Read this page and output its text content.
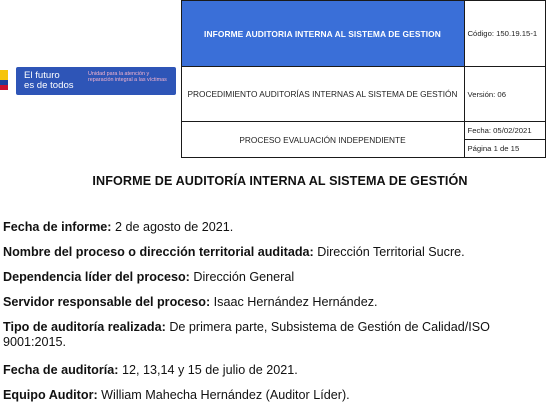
El futuro
es de todos
Unidad para la atención y reparación integral a las víctimas	INFORME AUDITORIA INTERNA AL SISTEMA DE GESTION	Código: 150.19.15-1
	PROCEDIMIENTO AUDITORÍAS INTERNAS AL SISTEMA DE GESTIÓN	Versión: 06
	PROCESO EVALUACIÓN INDEPENDIENTE	Fecha: 05/02/2021
Página 1 de 15
INFORME DE AUDITORÍA INTERNA AL SISTEMA DE GESTIÓN
Fecha de informe: 2 de agosto de 2021.
Nombre del proceso o dirección territorial auditada: Dirección Territorial Sucre.
Dependencia líder del proceso: Dirección General
Servidor responsable del proceso: Isaac Hernández Hernández.
Tipo de auditoría realizada: De primera parte, Subsistema de Gestión de Calidad/ISO 9001:2015.
Fecha de auditoría: 12, 13,14 y 15 de julio de 2021.
Equipo Auditor: William Mahecha Hernández (Auditor Líder).
